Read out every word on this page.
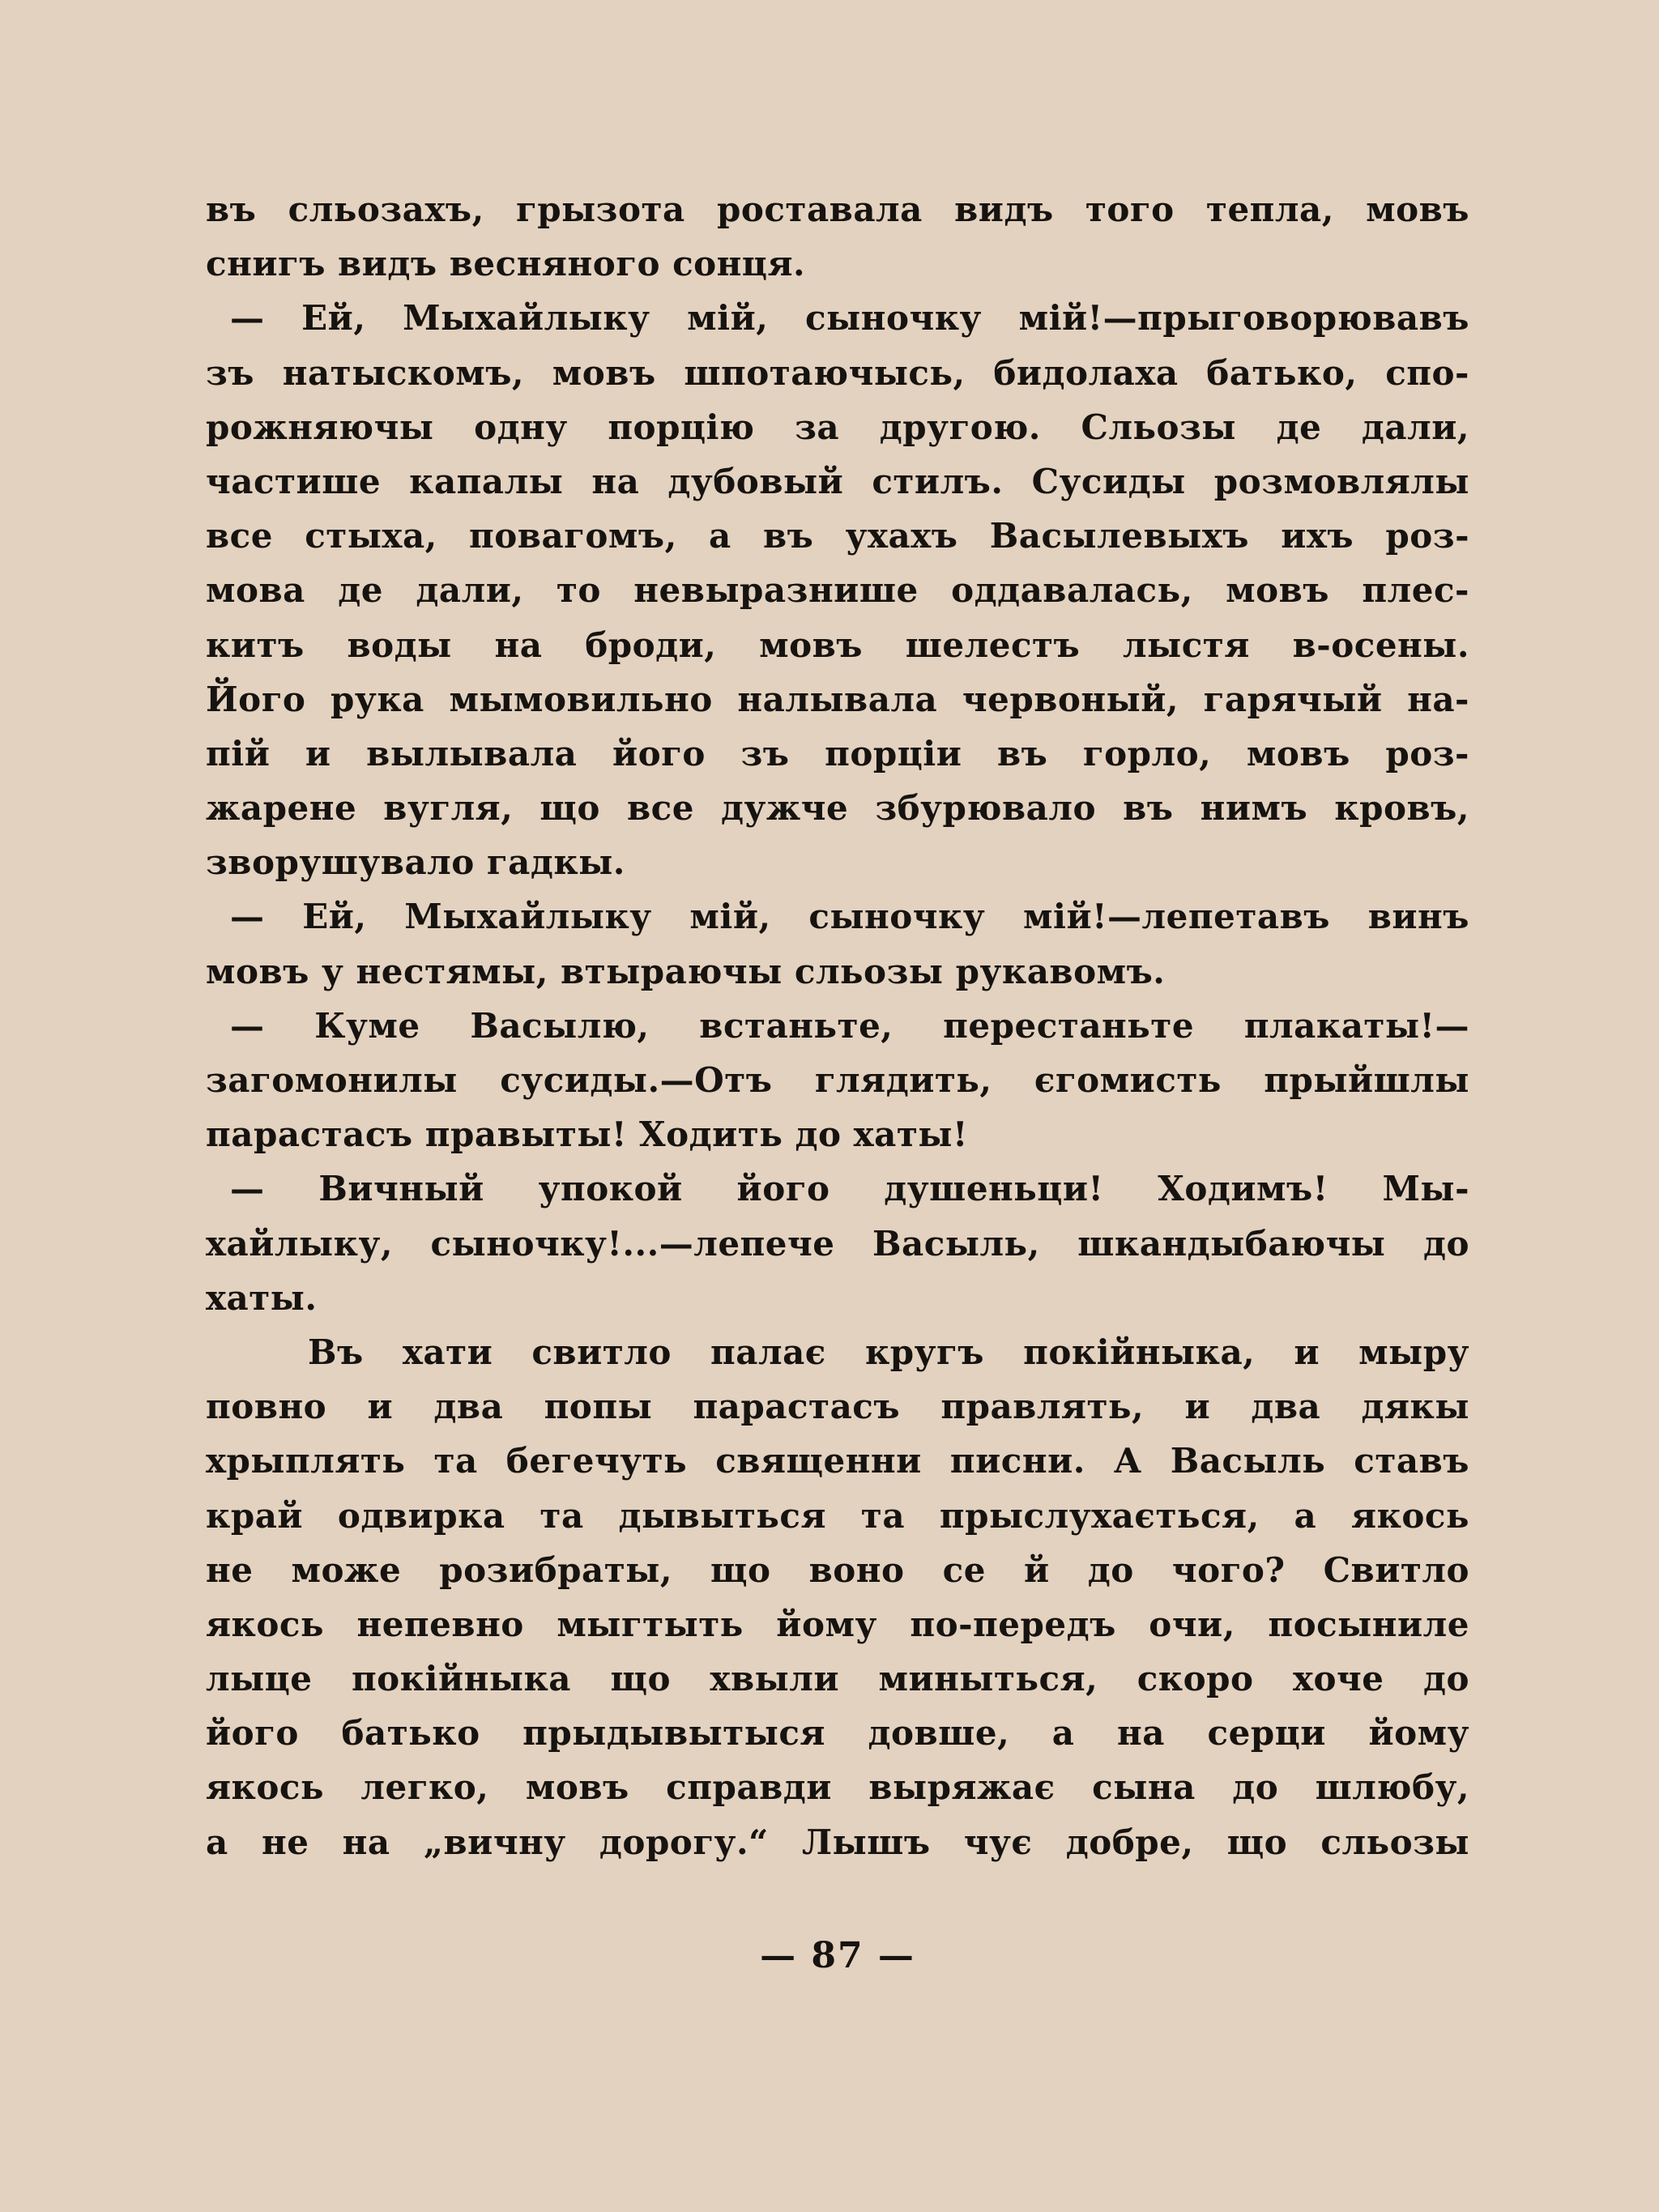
въ сльозахъ, грызота роставала видъ того тепла, мовъ
снигъ видъ весняного сонця.
— Ей, Мыхайлыку мій, сыночку мій!—прыговорювавъ
зъ натыскомъ, мовъ шпотаючысь, бидолаха батько, спо-
рожняючы одну порцію за другою. Сльозы де дали,
частише капалы на дубовый стилъ. Сусиды розмовлялы
все стыха, повагомъ, а въ ухахъ Васылевыхъ ихъ роз-
мова де дали, то невыразнише оддавалась, мовъ плес-
китъ воды на броди, мовъ шелестъ лыстя в-осены.
Його рука мымовильно налывала червоный, гарячый на-
пій и вылывала його зъ порціи въ горло, мовъ роз-
жарене вугля, що все дужче збурювало въ нимъ кровъ,
зворушувало гадкы.
— Ей, Мыхайлыку мій, сыночку мій!—лепетавъ винъ
мовъ у нестямы, втыраючы сльозы рукавомъ.
— Куме Васылю, встаньте, перестаньте плакаты!—
загомонилы сусиды.—Отъ глядить, єгомисть прыйшлы
парастасъ правыты! Ходить до хаты!
— Вичный упокой його душеньци! Ходимъ! Мы-
хайлыку, сыночку!...—лепече Васыль, шкандыбаючы до
хаты.
Въ хати свитло палає кругъ покійныка, и мыру
повно и два попы парастасъ правлять, и два дякы
хрыплять та бегечуть священни писни. А Васыль ставъ
край одвирка та дывыться та прыслухається, а якось
не може розибраты, що воно се й до чого? Свитло
якось непевно мыгтыть йому по-передъ очи, посыниле
лыце покійныка що хвыли миныться, скоро хоче до
його батько прыдывытыся довше, а на серци йому
якось легко, мовъ справди выряжає сына до шлюбу,
а не на „вичну дорогу.“ Лышъ чує добре, що сльозы
— 87 —
